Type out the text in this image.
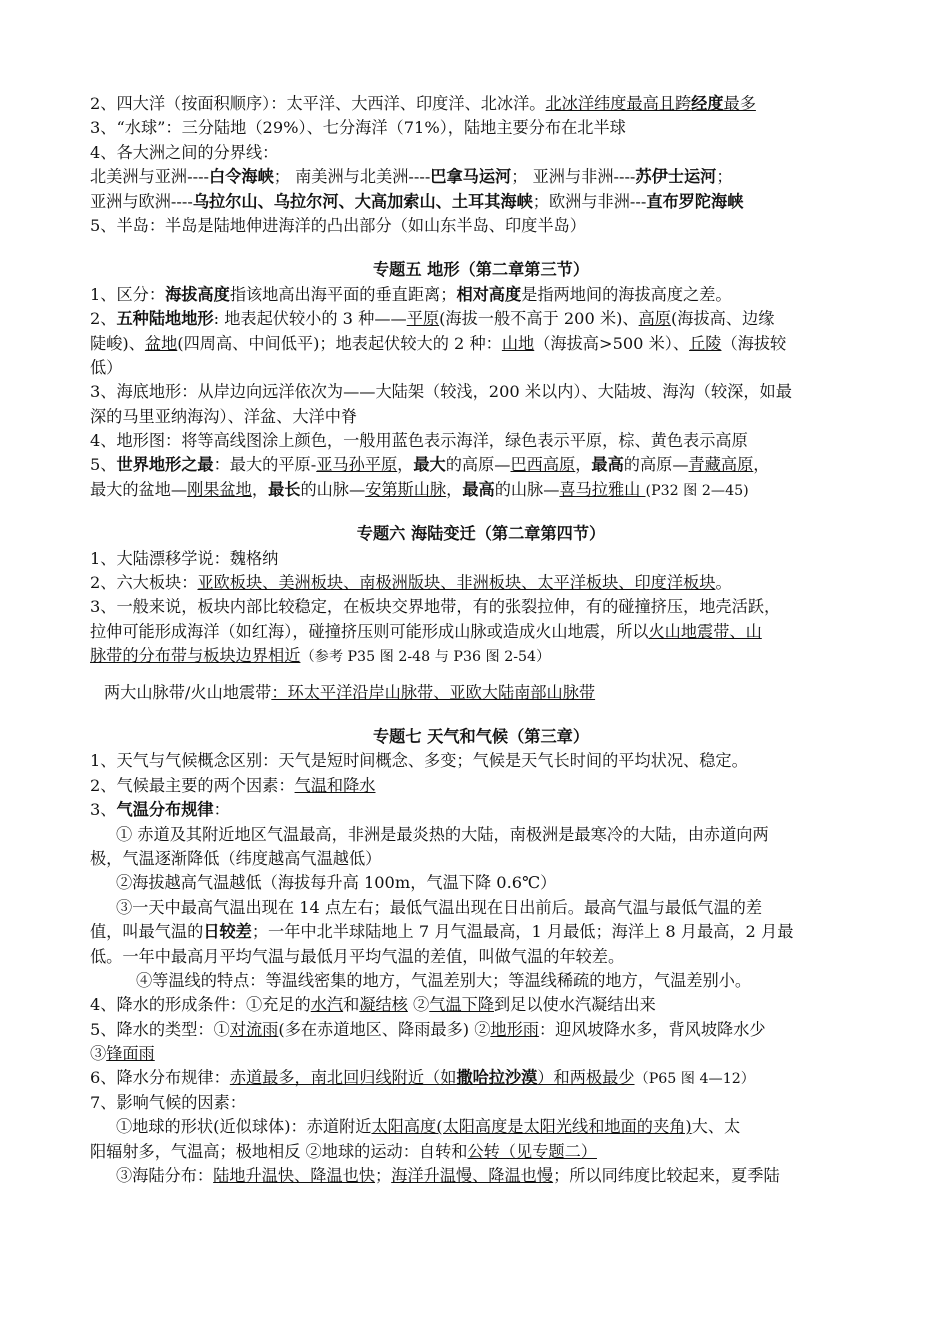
2、四大洋（按面积顺序）：太平洋、大西洋、印度洋、北冰洋。北冰洋纬度最高且跨经度最多
3、“水球”：三分陆地（29%）、七分海洋（71%），陆地主要分布在北半球
4、各大洲之间的分界线：
北美洲与亚洲----白令海峡； 南美洲与北美洲----巴拿马运河； 亚洲与非洲----苏伊士运河；
亚洲与欧洲----乌拉尔山、乌拉尔河、大高加索山、土耳其海峡；欧洲与非洲---直布罗陀海峡
5、半岛：半岛是陆地伸进海洋的凸出部分（如山东半岛、印度半岛）
专题五 地形（第二章第三节）
1、区分：海拔高度指该地高出海平面的垂直距离；相对高度是指两地间的海拔高度之差。
2、五种陆地地形: 地表起伏较小的 3 种——平原(海拔一般不高于 200 米)、高原(海拔高、边缘
陡峻)、盆地(四周高、中间低平)；地表起伏较大的 2 种：山地（海拔高>500 米）、丘陵（海拔较
低）
3、海底地形：从岸边向远洋依次为——大陆架（较浅，200 米以内）、大陆坡、海沟（较深，如最
深的马里亚纳海沟）、洋盆、大洋中脊
4、地形图：将等高线图涂上颜色，一般用蓝色表示海洋，绿色表示平原，棕、黄色表示高原
5、世界地形之最：最大的平原-亚马孙平原，最大的高原—巴西高原，最高的高原—青藏高原，
最大的盆地—刚果盆地，最长的山脉—安第斯山脉，最高的山脉—喜马拉雅山 (P32 图 2—45)
专题六 海陆变迁（第二章第四节）
1、大陆漂移学说：魏格纳
2、六大板块：亚欧板块、美洲板块、南极洲版块、非洲板块、太平洋板块、印度洋板块。
3、一般来说，板块内部比较稳定，在板块交界地带，有的张裂拉伸，有的碰撞挤压，地壳活跃，
拉伸可能形成海洋（如红海），碰撞挤压则可能形成山脉或造成火山地震，所以火山地震带、山
脉带的分布带与板块边界相近（参考 P35 图 2-48 与 P36 图 2-54）
两大山脉带/火山地震带：环太平洋沿岸山脉带、亚欧大陆南部山脉带
专题七 天气和气候（第三章）
1、天气与气候概念区别：天气是短时间概念、多变；气候是天气长时间的平均状况、稳定。
2、气候最主要的两个因素：气温和降水
3、气温分布规律：
① 赤道及其附近地区气温最高，非洲是最炎热的大陆，南极洲是最寒冷的大陆，由赤道向两
极，气温逐渐降低（纬度越高气温越低）
②海拔越高气温越低（海拔每升高 100m，气温下降 0.6℃）
③一天中最高气温出现在 14 点左右；最低气温出现在日出前后。最高气温与最低气温的差
值，叫最气温的日较差；一年中北半球陆地上 7 月气温最高，1 月最低；海洋上 8 月最高，2 月最
低。一年中最高月平均气温与最低月平均气温的差值，叫做气温的年较差。
④等温线的特点：等温线密集的地方，气温差别大；等温线稀疏的地方，气温差别小。
4、降水的形成条件：①充足的水汽和凝结核 ②气温下降到足以使水汽凝结出来
5、降水的类型：①对流雨(多在赤道地区、降雨最多) ②地形雨：迎风坡降水多，背风坡降水少
③锋面雨
6、降水分布规律：赤道最多，南北回归线附近（如撒哈拉沙漠）和两极最少（P65 图 4—12）
7、影响气候的因素：
①地球的形状(近似球体)：赤道附近太阳高度(太阳高度是太阳光线和地面的夹角)大、太
阳辐射多，气温高；极地相反 ②地球的运动：自转和公转（见专题二）
③海陆分布：陆地升温快、降温也快；海洋升温慢、降温也慢；所以同纬度比较起来，夏季陆
